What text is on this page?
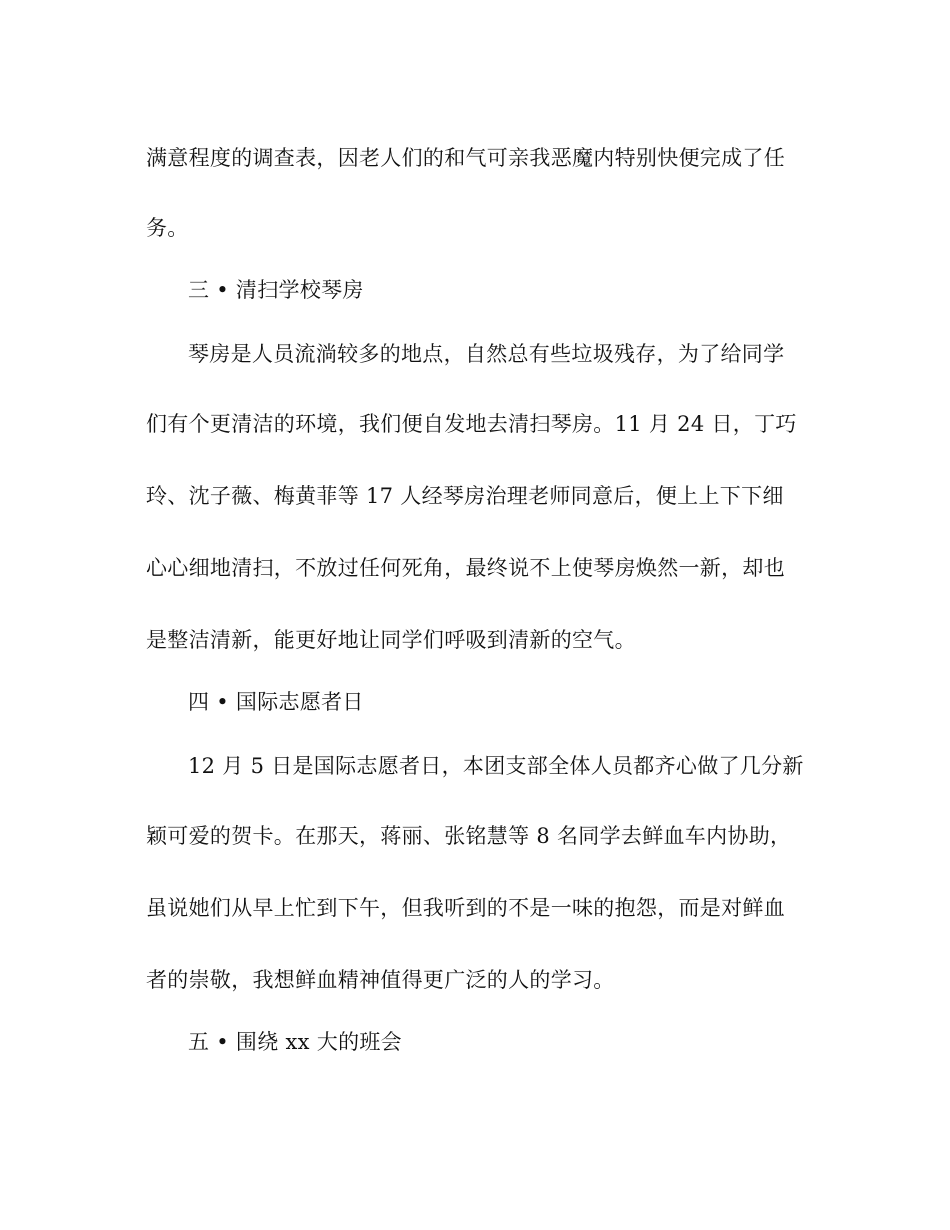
满意程度的调查表，因老人们的和气可亲我恶魔内特别快便完成了任
务。
三 • 清扫学校琴房
琴房是人员流淌较多的地点，自然总有些垃圾残存，为了给同学
们有个更清洁的环境，我们便自发地去清扫琴房。11 月 24 日，丁巧
玲、沈子薇、梅黄菲等 17 人经琴房治理老师同意后，便上上下下细
心心细地清扫，不放过任何死角，最终说不上使琴房焕然一新，却也
是整洁清新，能更好地让同学们呼吸到清新的空气。
四 • 国际志愿者日
12 月 5 日是国际志愿者日，本团支部全体人员都齐心做了几分新
颖可爱的贺卡。在那天，蒋丽、张铭慧等 8 名同学去鲜血车内协助，
虽说她们从早上忙到下午，但我听到的不是一味的抱怨，而是对鲜血
者的崇敬，我想鲜血精神值得更广泛的人的学习。
五 • 围绕 xx 大的班会
